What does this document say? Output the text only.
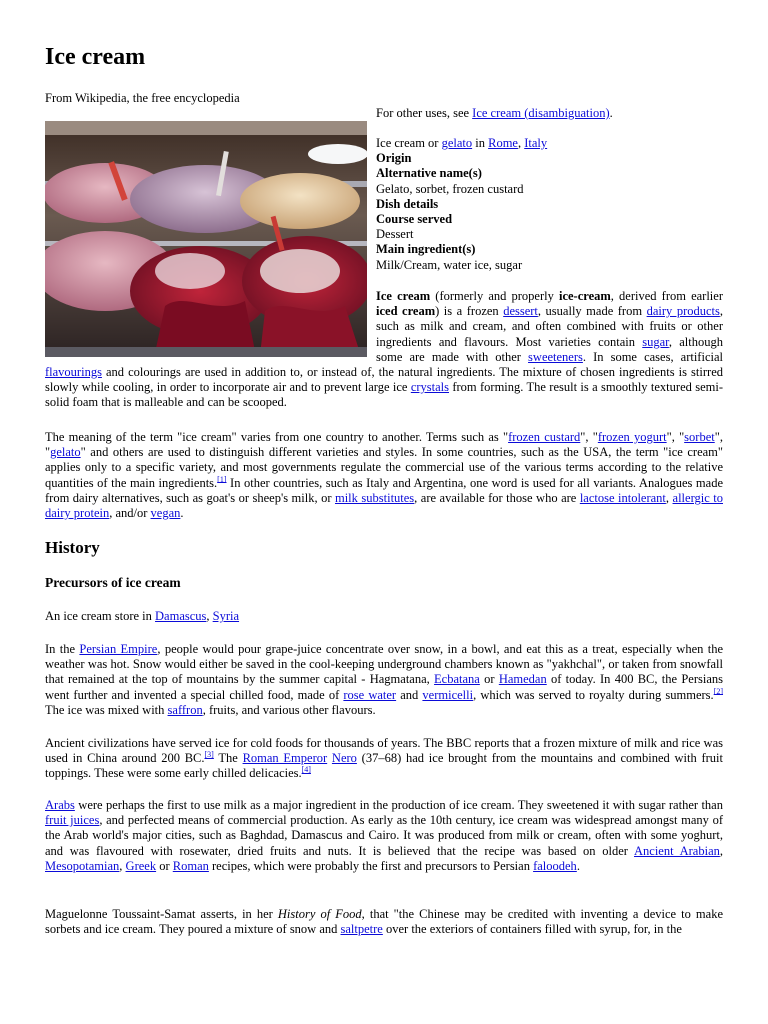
Ice cream
From Wikipedia, the free encyclopedia
For other uses, see Ice cream (disambiguation).
Ice cream or gelato in Rome, Italy
Origin
Alternative name(s)
Gelato, sorbet, frozen custard
Dish details
Course served
Dessert
Main ingredient(s)
Milk/Cream, water ice, sugar
Ice cream (formerly and properly ice-cream, derived from earlier iced cream) is a frozen dessert, usually made from dairy products, such as milk and cream, and often combined with fruits or other ingredients and flavours. Most varieties contain sugar, although some are made with other sweeteners. In some cases, artificial flavourings and colourings are used in addition to, or instead of, the natural ingredients. The mixture of chosen ingredients is stirred slowly while cooling, in order to incorporate air and to prevent large ice crystals from forming. The result is a smoothly textured semi-solid foam that is malleable and can be scooped.
The meaning of the term "ice cream" varies from one country to another. Terms such as "frozen custard", "frozen yogurt", "sorbet", "gelato" and others are used to distinguish different varieties and styles. In some countries, such as the USA, the term "ice cream" applies only to a specific variety, and most governments regulate the commercial use of the various terms according to the relative quantities of the main ingredients.[1] In other countries, such as Italy and Argentina, one word is used for all variants. Analogues made from dairy alternatives, such as goat's or sheep's milk, or milk substitutes, are available for those who are lactose intolerant, allergic to dairy protein, and/or vegan.
History
Precursors of ice cream
An ice cream store in Damascus, Syria
In the Persian Empire, people would pour grape-juice concentrate over snow, in a bowl, and eat this as a treat, especially when the weather was hot. Snow would either be saved in the cool-keeping underground chambers known as "yakhchal", or taken from snowfall that remained at the top of mountains by the summer capital - Hagmatana, Ecbatana or Hamedan of today. In 400 BC, the Persians went further and invented a special chilled food, made of rose water and vermicelli, which was served to royalty during summers.[2] The ice was mixed with saffron, fruits, and various other flavours.
Ancient civilizations have served ice for cold foods for thousands of years. The BBC reports that a frozen mixture of milk and rice was used in China around 200 BC.[3] The Roman Emperor Nero (37–68) had ice brought from the mountains and combined with fruit toppings. These were some early chilled delicacies.[4]
Arabs were perhaps the first to use milk as a major ingredient in the production of ice cream. They sweetened it with sugar rather than fruit juices, and perfected means of commercial production. As early as the 10th century, ice cream was widespread amongst many of the Arab world's major cities, such as Baghdad, Damascus and Cairo. It was produced from milk or cream, often with some yoghurt, and was flavoured with rosewater, dried fruits and nuts. It is believed that the recipe was based on older Ancient Arabian, Mesopotamian, Greek or Roman recipes, which were probably the first and precursors to Persian faloodeh.
Maguelonne Toussaint-Samat asserts, in her History of Food, that "the Chinese may be credited with inventing a device to make sorbets and ice cream. They poured a mixture of snow and saltpetre over the exteriors of containers filled with syrup, for, in the
